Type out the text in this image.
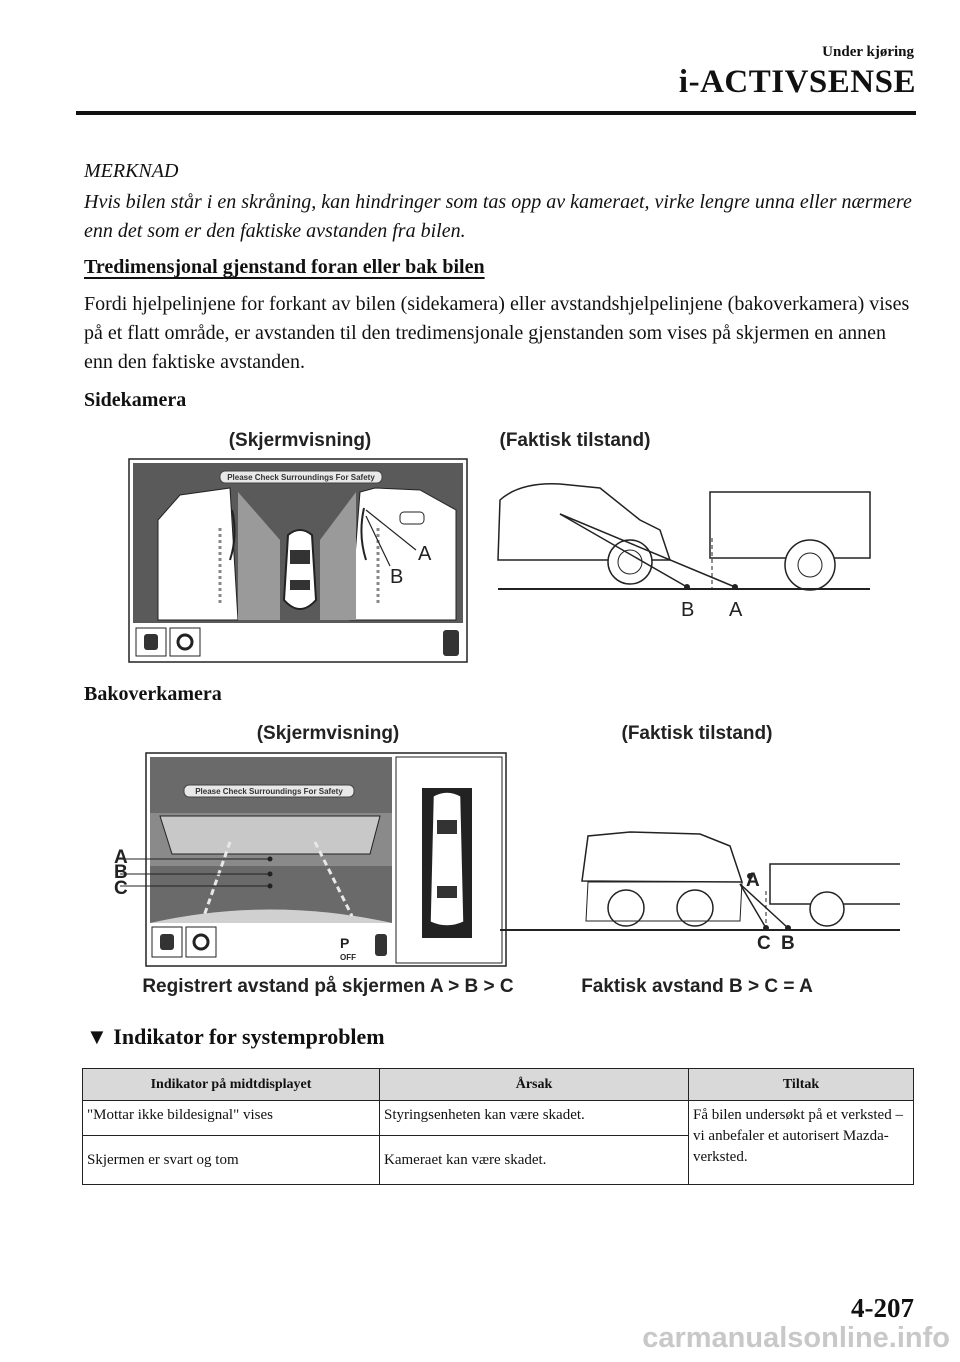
Under kjøring
i-ACTIVSENSE
MERKNAD
Hvis bilen står i en skråning, kan hindringer som tas opp av kameraet, virke lengre unna eller nærmere enn det som er den faktiske avstanden fra bilen.
Tredimensjonal gjenstand foran eller bak bilen
Fordi hjelpelinjene for forkant av bilen (sidekamera) eller avstandshjelpelinjene (bakoverkamera) vises på et flatt område, er avstanden til den tredimensjonale gjenstanden som vises på skjermen en annen enn den faktiske avstanden.
Sidekamera
(Skjermvisning)	(Faktisk tilstand)
Please Check Surroundings For Safety
A
B
B A
Bakoverkamera
(Skjermvisning)	(Faktisk tilstand)
Please Check Surroundings For Safety
A
B
C
P
OFF
A
C B
Registrert avstand på skjermen A > B > C	Faktisk avstand B > C = A
▼ Indikator for systemproblem
Indikator på midtdisplayet	Årsak	Tiltak
"Mottar ikke bildesignal" vises	Styringsenheten kan være skadet.	Få bilen undersøkt på et verksted – vi anbefaler et autorisert Mazda-verksted.
Skjermen er svart og tom	Kameraet kan være skadet.	
4-207
carmanualsonline.info
